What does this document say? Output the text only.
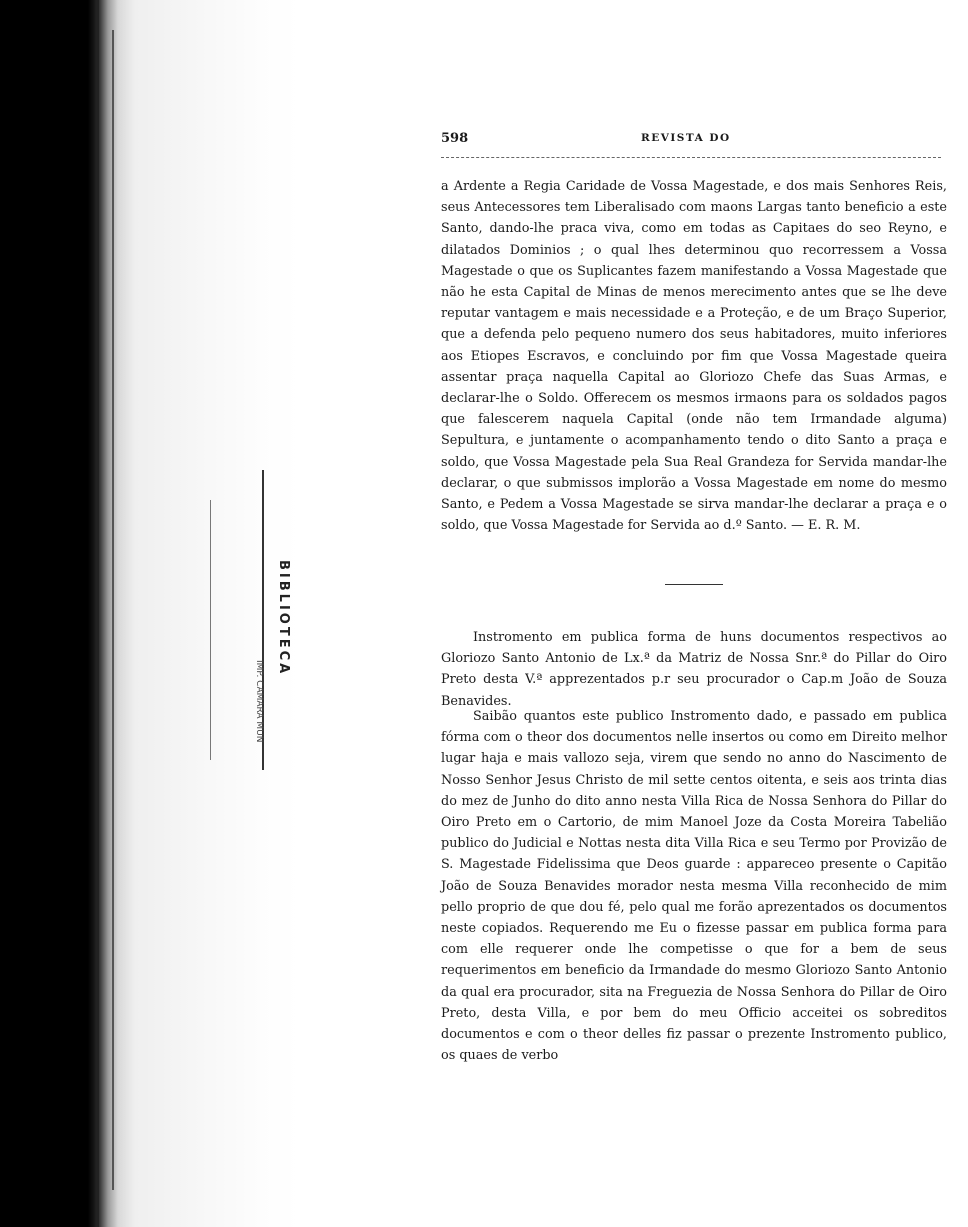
BIBLIOTECA
IMP. CAMARA MUN
598	REVISTA DO

a Ardente a Regia Caridade de Vossa Magestade, e dos mais Senhores Reis, seus Antecessores tem Liberalisado com maons Largas tanto beneficio a este Santo, dando-lhe praca viva, como em todas as Capitaes do seo Reyno, e dilatados Dominios ; o qual lhes determinou quo recorressem a Vossa Magestade o que os Suplicantes fazem manifestando a Vossa Magestade que não he esta Capital de Minas de menos merecimento antes que se lhe deve reputar vantagem e mais necessidade e a Proteção, e de um Braço Superior, que a defenda pelo pequeno numero dos seus habitadores, muito inferiores aos Etiopes Escravos, e concluindo por fim que Vossa Magestade queira assentar praça naquella Capital ao Gloriozo Chefe das Suas Armas, e declarar-lhe o Soldo. Offerecem os mesmos irmaons para os soldados pagos que falescerem naquela Capital (onde não tem Irmandade alguma) Sepultura, e juntamente o acompanhamento tendo o dito Santo a praça e soldo, que Vossa Magestade pela Sua Real Grandeza for Servida mandar-lhe declarar, o que submissos implorão a Vossa Magestade em nome do mesmo Santo, e Pedem a Vossa Magestade se sirva mandar-lhe declarar a praça e o soldo, que Vossa Magestade for Servida ao d.º Santo. — E. R. M.

Instromento em publica forma de huns documentos respectivos ao Gloriozo Santo Antonio de Lx.ª da Matriz de Nossa Snr.ª do Pillar do Oiro Preto desta V.ª apprezentados p.r seu procurador o Cap.m João de Souza Benavides.

Saibão quantos este publico Instromento dado, e passado em publica fórma com o theor dos documentos nelle insertos ou como em Direito melhor lugar haja e mais vallozo seja, virem que sendo no anno do Nascimento de Nosso Senhor Jesus Christo de mil sette centos oitenta, e seis aos trinta dias do mez de Junho do dito anno nesta Villa Rica de Nossa Senhora do Pillar do Oiro Preto em o Cartorio, de mim Manoel Joze da Costa Moreira Tabelião publico do Judicial e Nottas nesta dita Villa Rica e seu Termo por Provizão de S. Magestade Fidelissima que Deos guarde : appareceo presente o Capitão João de Souza Benavides morador nesta mesma Villa reconhecido de mim pello proprio de que dou fé, pelo qual me forão aprezentados os documentos neste copiados. Requerendo me Eu o fizesse passar em publica forma para com elle requerer onde lhe competisse o que for a bem de seus requerimentos em beneficio da Irmandade do mesmo Gloriozo Santo Antonio da qual era procurador, sita na Freguezia de Nossa Senhora do Pillar de Oiro Preto, desta Villa, e por bem do meu Officio acceitei os sobreditos documentos e com o theor delles fiz passar o prezente Instromento publico, os quaes de verbo
